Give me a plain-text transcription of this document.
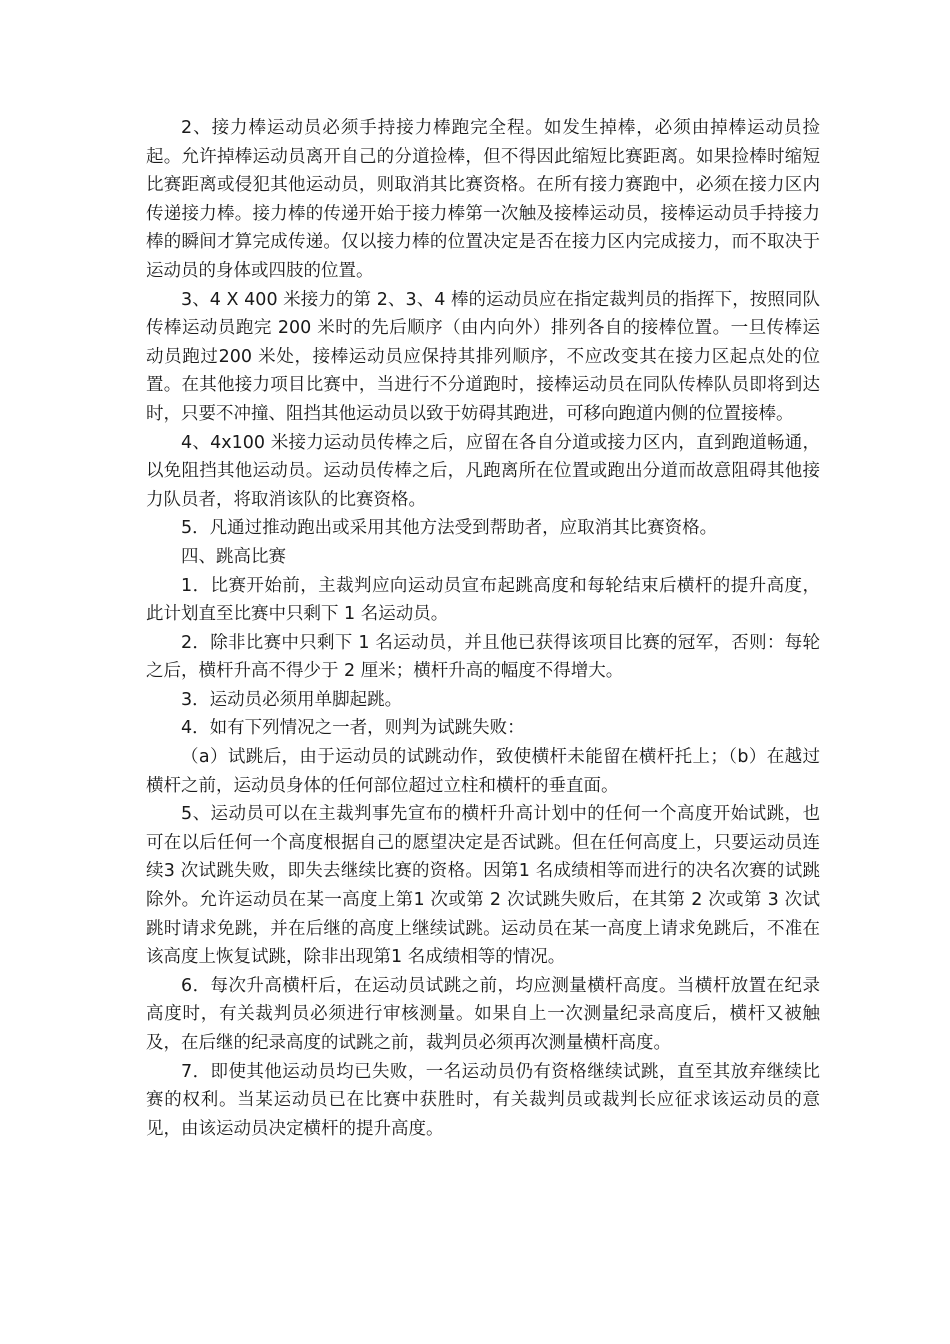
2、接力棒运动员必须手持接力棒跑完全程。如发生掉棒，必须由掉棒运动员捡起。允许掉棒运动员离开自己的分道捡棒，但不得因此缩短比赛距离。如果捡棒时缩短比赛距离或侵犯其他运动员，则取消其比赛资格。在所有接力赛跑中，必须在接力区内传递接力棒。接力棒的传递开始于接力棒第一次触及接棒运动员，接棒运动员手持接力棒的瞬间才算完成传递。仅以接力棒的位置决定是否在接力区内完成接力，而不取决于运动员的身体或四肢的位置。

3、4 X 400 米接力的第 2、3、4 棒的运动员应在指定裁判员的指挥下，按照同队传棒运动员跑完 200 米时的先后顺序（由内向外）排列各自的接棒位置。一旦传棒运动员跑过200 米处，接棒运动员应保持其排列顺序，不应改变其在接力区起点处的位置。在其他接力项目比赛中，当进行不分道跑时，接棒运动员在同队传棒队员即将到达时，只要不冲撞、阻挡其他运动员以致于妨碍其跑进，可移向跑道内侧的位置接棒。

4、4x100 米接力运动员传棒之后，应留在各自分道或接力区内，直到跑道畅通，以免阻挡其他运动员。运动员传棒之后，凡跑离所在位置或跑出分道而故意阻碍其他接力队员者，将取消该队的比赛资格。

5．凡通过推动跑出或采用其他方法受到帮助者，应取消其比赛资格。

四、跳高比赛

1．比赛开始前，主裁判应向运动员宣布起跳高度和每轮结束后横杆的提升高度，此计划直至比赛中只剩下 1 名运动员。

2．除非比赛中只剩下 1 名运动员，并且他已获得该项目比赛的冠军，否则：每轮之后，横杆升高不得少于 2 厘米；横杆升高的幅度不得增大。

3．运动员必须用单脚起跳。

4．如有下列情况之一者，则判为试跳失败：

（a）试跳后，由于运动员的试跳动作，致使横杆未能留在横杆托上；（b）在越过横杆之前，运动员身体的任何部位超过立柱和横杆的垂直面。

5、运动员可以在主裁判事先宣布的横杆升高计划中的任何一个高度开始试跳，也可在以后任何一个高度根据自己的愿望决定是否试跳。但在任何高度上，只要运动员连续3 次试跳失败，即失去继续比赛的资格。因第1 名成绩相等而进行的决名次赛的试跳除外。允许运动员在某一高度上第1 次或第 2 次试跳失败后，在其第 2 次或第 3 次试跳时请求免跳，并在后继的高度上继续试跳。运动员在某一高度上请求免跳后，不准在该高度上恢复试跳，除非出现第1 名成绩相等的情况。

6．每次升高横杆后，在运动员试跳之前，均应测量横杆高度。当横杆放置在纪录高度时，有关裁判员必须进行审核测量。如果自上一次测量纪录高度后，横杆又被触及，在后继的纪录高度的试跳之前，裁判员必须再次测量横杆高度。

7．即使其他运动员均已失败，一名运动员仍有资格继续试跳，直至其放弃继续比赛的权利。当某运动员已在比赛中获胜时，有关裁判员或裁判长应征求该运动员的意见，由该运动员决定横杆的提升高度。
